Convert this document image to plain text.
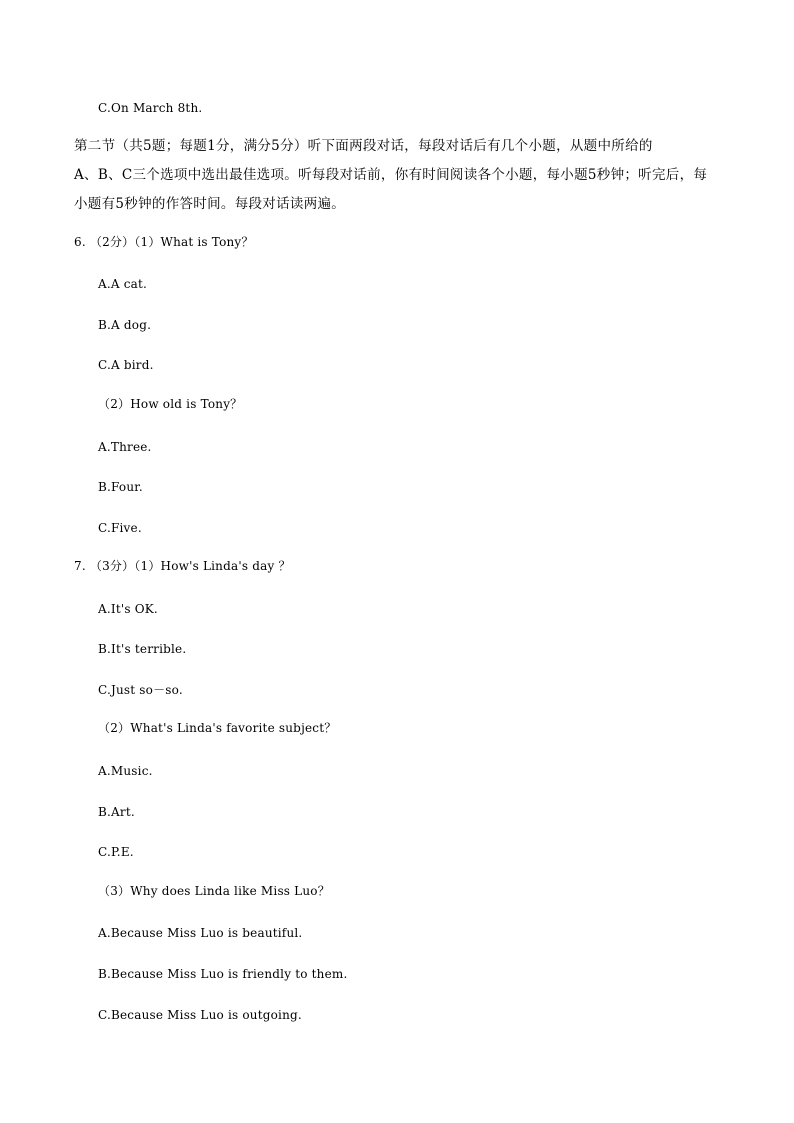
C.On March 8th.

第二节（共5题；每题1分，满分5分）听下面两段对话，每段对话后有几个小题，从题中所给的

A、B、C三个选项中选出最佳选项。听每段对话前，你有时间阅读各个小题，每小题5秒钟；听完后，每

小题有5秒钟的作答时间。每段对话读两遍。

6. （2分）（1）What is Tony？
A.A cat.
B.A dog.
C.A bird.
（2）How old is Tony？
A.Three.
B.Four.
C.Five.
7. （3分）（1）How's Linda's day ？
A.It's OK.
B.It's terrible.
C.Just so－so.
（2）What's Linda's favorite subject？
A.Music.
B.Art.
C.P.E.
（3）Why does Linda like Miss Luo？
A.Because Miss Luo is beautiful.
B.Because Miss Luo is friendly to them.
C.Because Miss Luo is outgoing.
